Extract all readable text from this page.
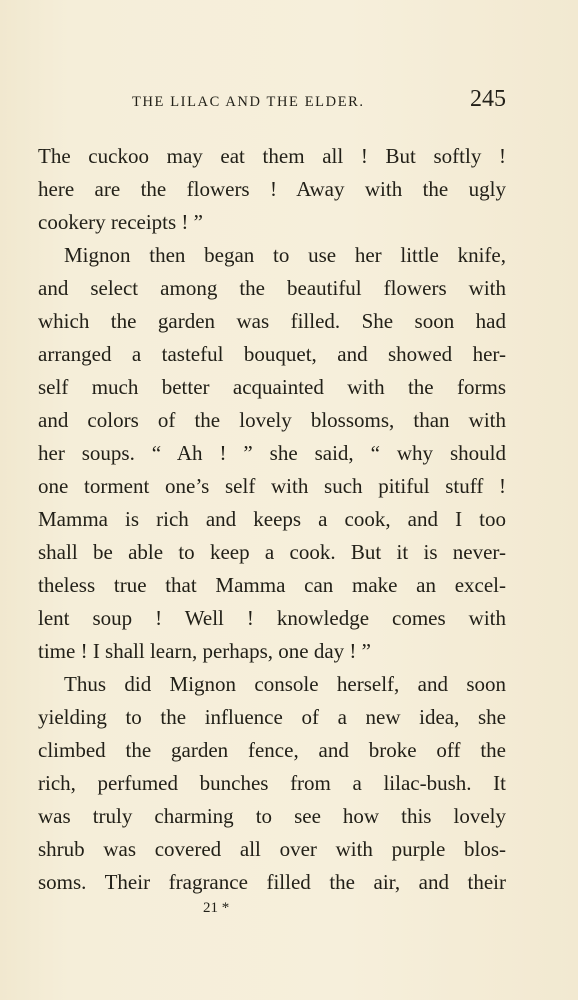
THE LILAC AND THE ELDER.	245
The cuckoo may eat them all ! But softly !
here are the flowers ! Away with the ugly
cookery receipts ! ”
Mignon then began to use her little knife,
and select among the beautiful flowers with
which the garden was filled. She soon had
arranged a tasteful bouquet, and showed her-
self much better acquainted with the forms
and colors of the lovely blossoms, than with
her soups. “ Ah ! ” she said, “ why should
one torment one’s self with such pitiful stuff !
Mamma is rich and keeps a cook, and I too
shall be able to keep a cook. But it is never-
theless true that Mamma can make an excel-
lent soup ! Well ! knowledge comes with
time ! I shall learn, perhaps, one day ! ”
Thus did Mignon console herself, and soon
yielding to the influence of a new idea, she
climbed the garden fence, and broke off the
rich, perfumed bunches from a lilac-bush. It
was truly charming to see how this lovely
shrub was covered all over with purple blos-
soms. Their fragrance filled the air, and their
21 *
